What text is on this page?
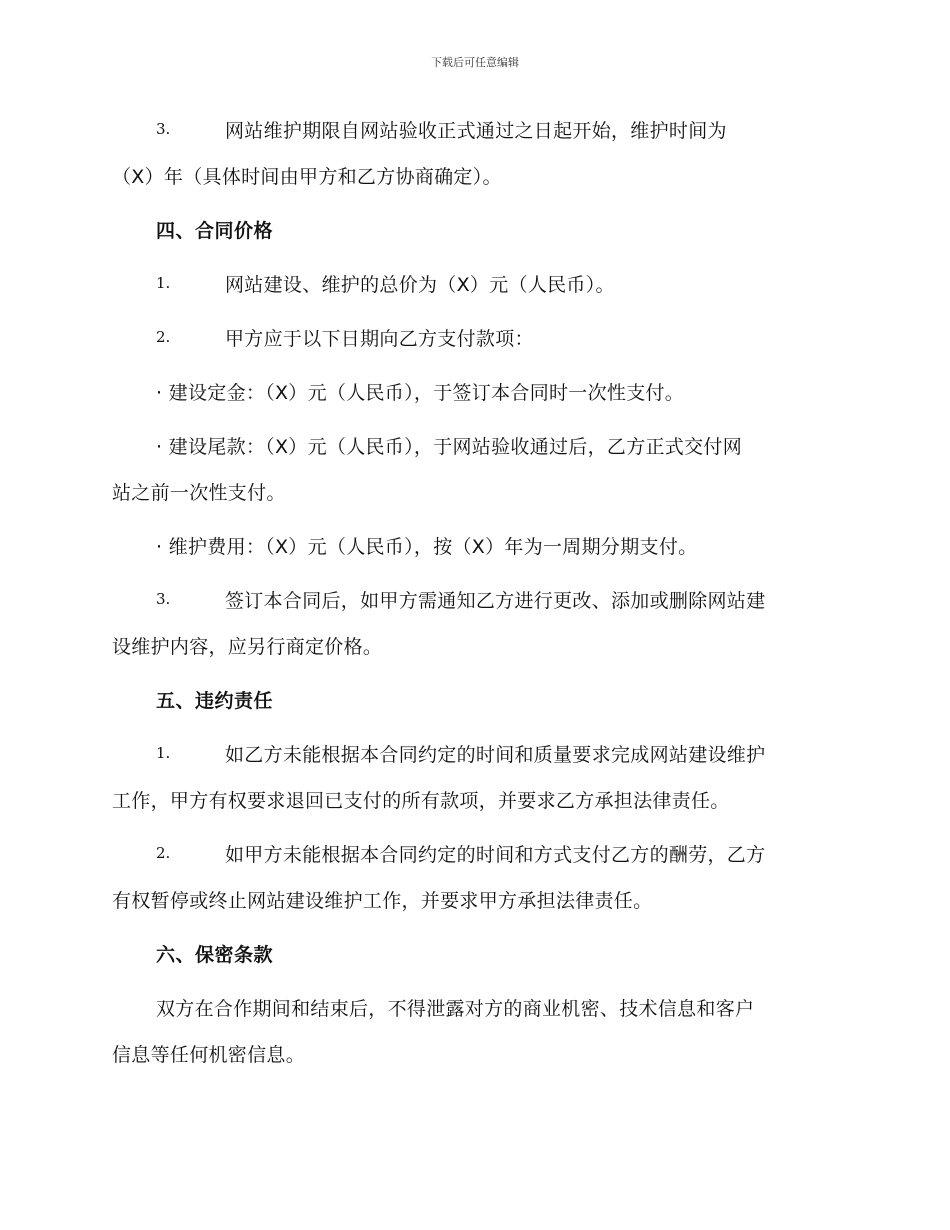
下载后可任意编辑
3.	网站维护期限自网站验收正式通过之日起开始，维护时间为
（X）年（具体时间由甲方和乙方协商确定）。
四、合同价格
1.	网站建设、维护的总价为（X）元（人民币）。
2.	甲方应于以下日期向乙方支付款项：
· 建设定金：（X）元（人民币），于签订本合同时一次性支付。
· 建设尾款：（X）元（人民币），于网站验收通过后，乙方正式交付网
站之前一次性支付。
· 维护费用：（X）元（人民币），按（X）年为一周期分期支付。
3.	签订本合同后，如甲方需通知乙方进行更改、添加或删除网站建
设维护内容，应另行商定价格。
五、违约责任
1.	如乙方未能根据本合同约定的时间和质量要求完成网站建设维护
工作，甲方有权要求退回已支付的所有款项，并要求乙方承担法律责任。
2.	如甲方未能根据本合同约定的时间和方式支付乙方的酬劳，乙方
有权暂停或终止网站建设维护工作，并要求甲方承担法律责任。
六、保密条款
双方在合作期间和结束后，不得泄露对方的商业机密、技术信息和客户
信息等任何机密信息。
